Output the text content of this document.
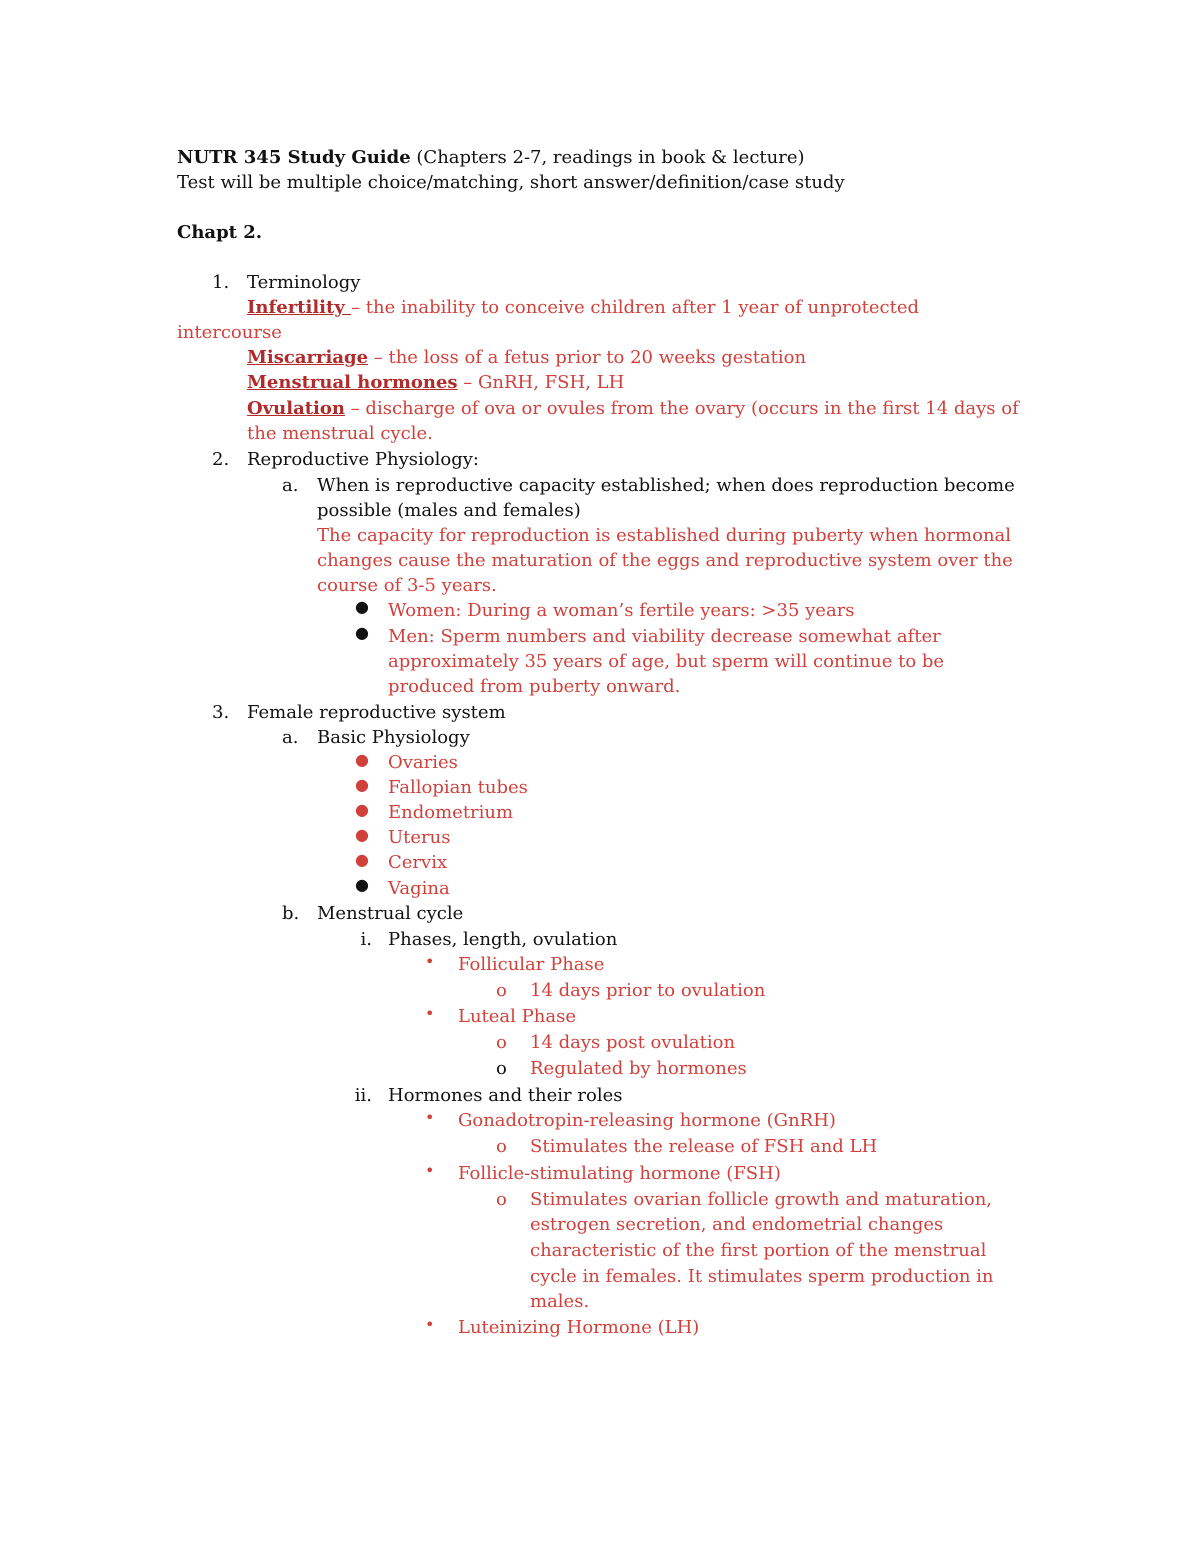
NUTR 345 Study Guide (Chapters 2-7, readings in book & lecture)
Test will be multiple choice/matching, short answer/definition/case study
Chapt 2.
1. Terminology
Infertility – the inability to conceive children after 1 year of unprotected
intercourse
Miscarriage – the loss of a fetus prior to 20 weeks gestation
Menstrual hormones – GnRH, FSH, LH
Ovulation – discharge of ova or ovules from the ovary (occurs in the first 14 days of
the menstrual cycle.
2. Reproductive Physiology:
a. When is reproductive capacity established; when does reproduction become
possible (males and females)
The capacity for reproduction is established during puberty when hormonal
changes cause the maturation of the eggs and reproductive system over the
course of 3-5 years.
● Women: During a woman’s fertile years: >35 years
● Men: Sperm numbers and viability decrease somewhat after
approximately 35 years of age, but sperm will continue to be
produced from puberty onward.
3. Female reproductive system
a. Basic Physiology
● Ovaries
● Fallopian tubes
● Endometrium
● Uterus
● Cervix
● Vagina
b. Menstrual cycle
i. Phases, length, ovulation
• Follicular Phase
o 14 days prior to ovulation
• Luteal Phase
o 14 days post ovulation
o Regulated by hormones
ii. Hormones and their roles
• Gonadotropin-releasing hormone (GnRH)
o Stimulates the release of FSH and LH
• Follicle-stimulating hormone (FSH)
o Stimulates ovarian follicle growth and maturation,
estrogen secretion, and endometrial changes
characteristic of the first portion of the menstrual
cycle in females. It stimulates sperm production in
males.
• Luteinizing Hormone (LH)
